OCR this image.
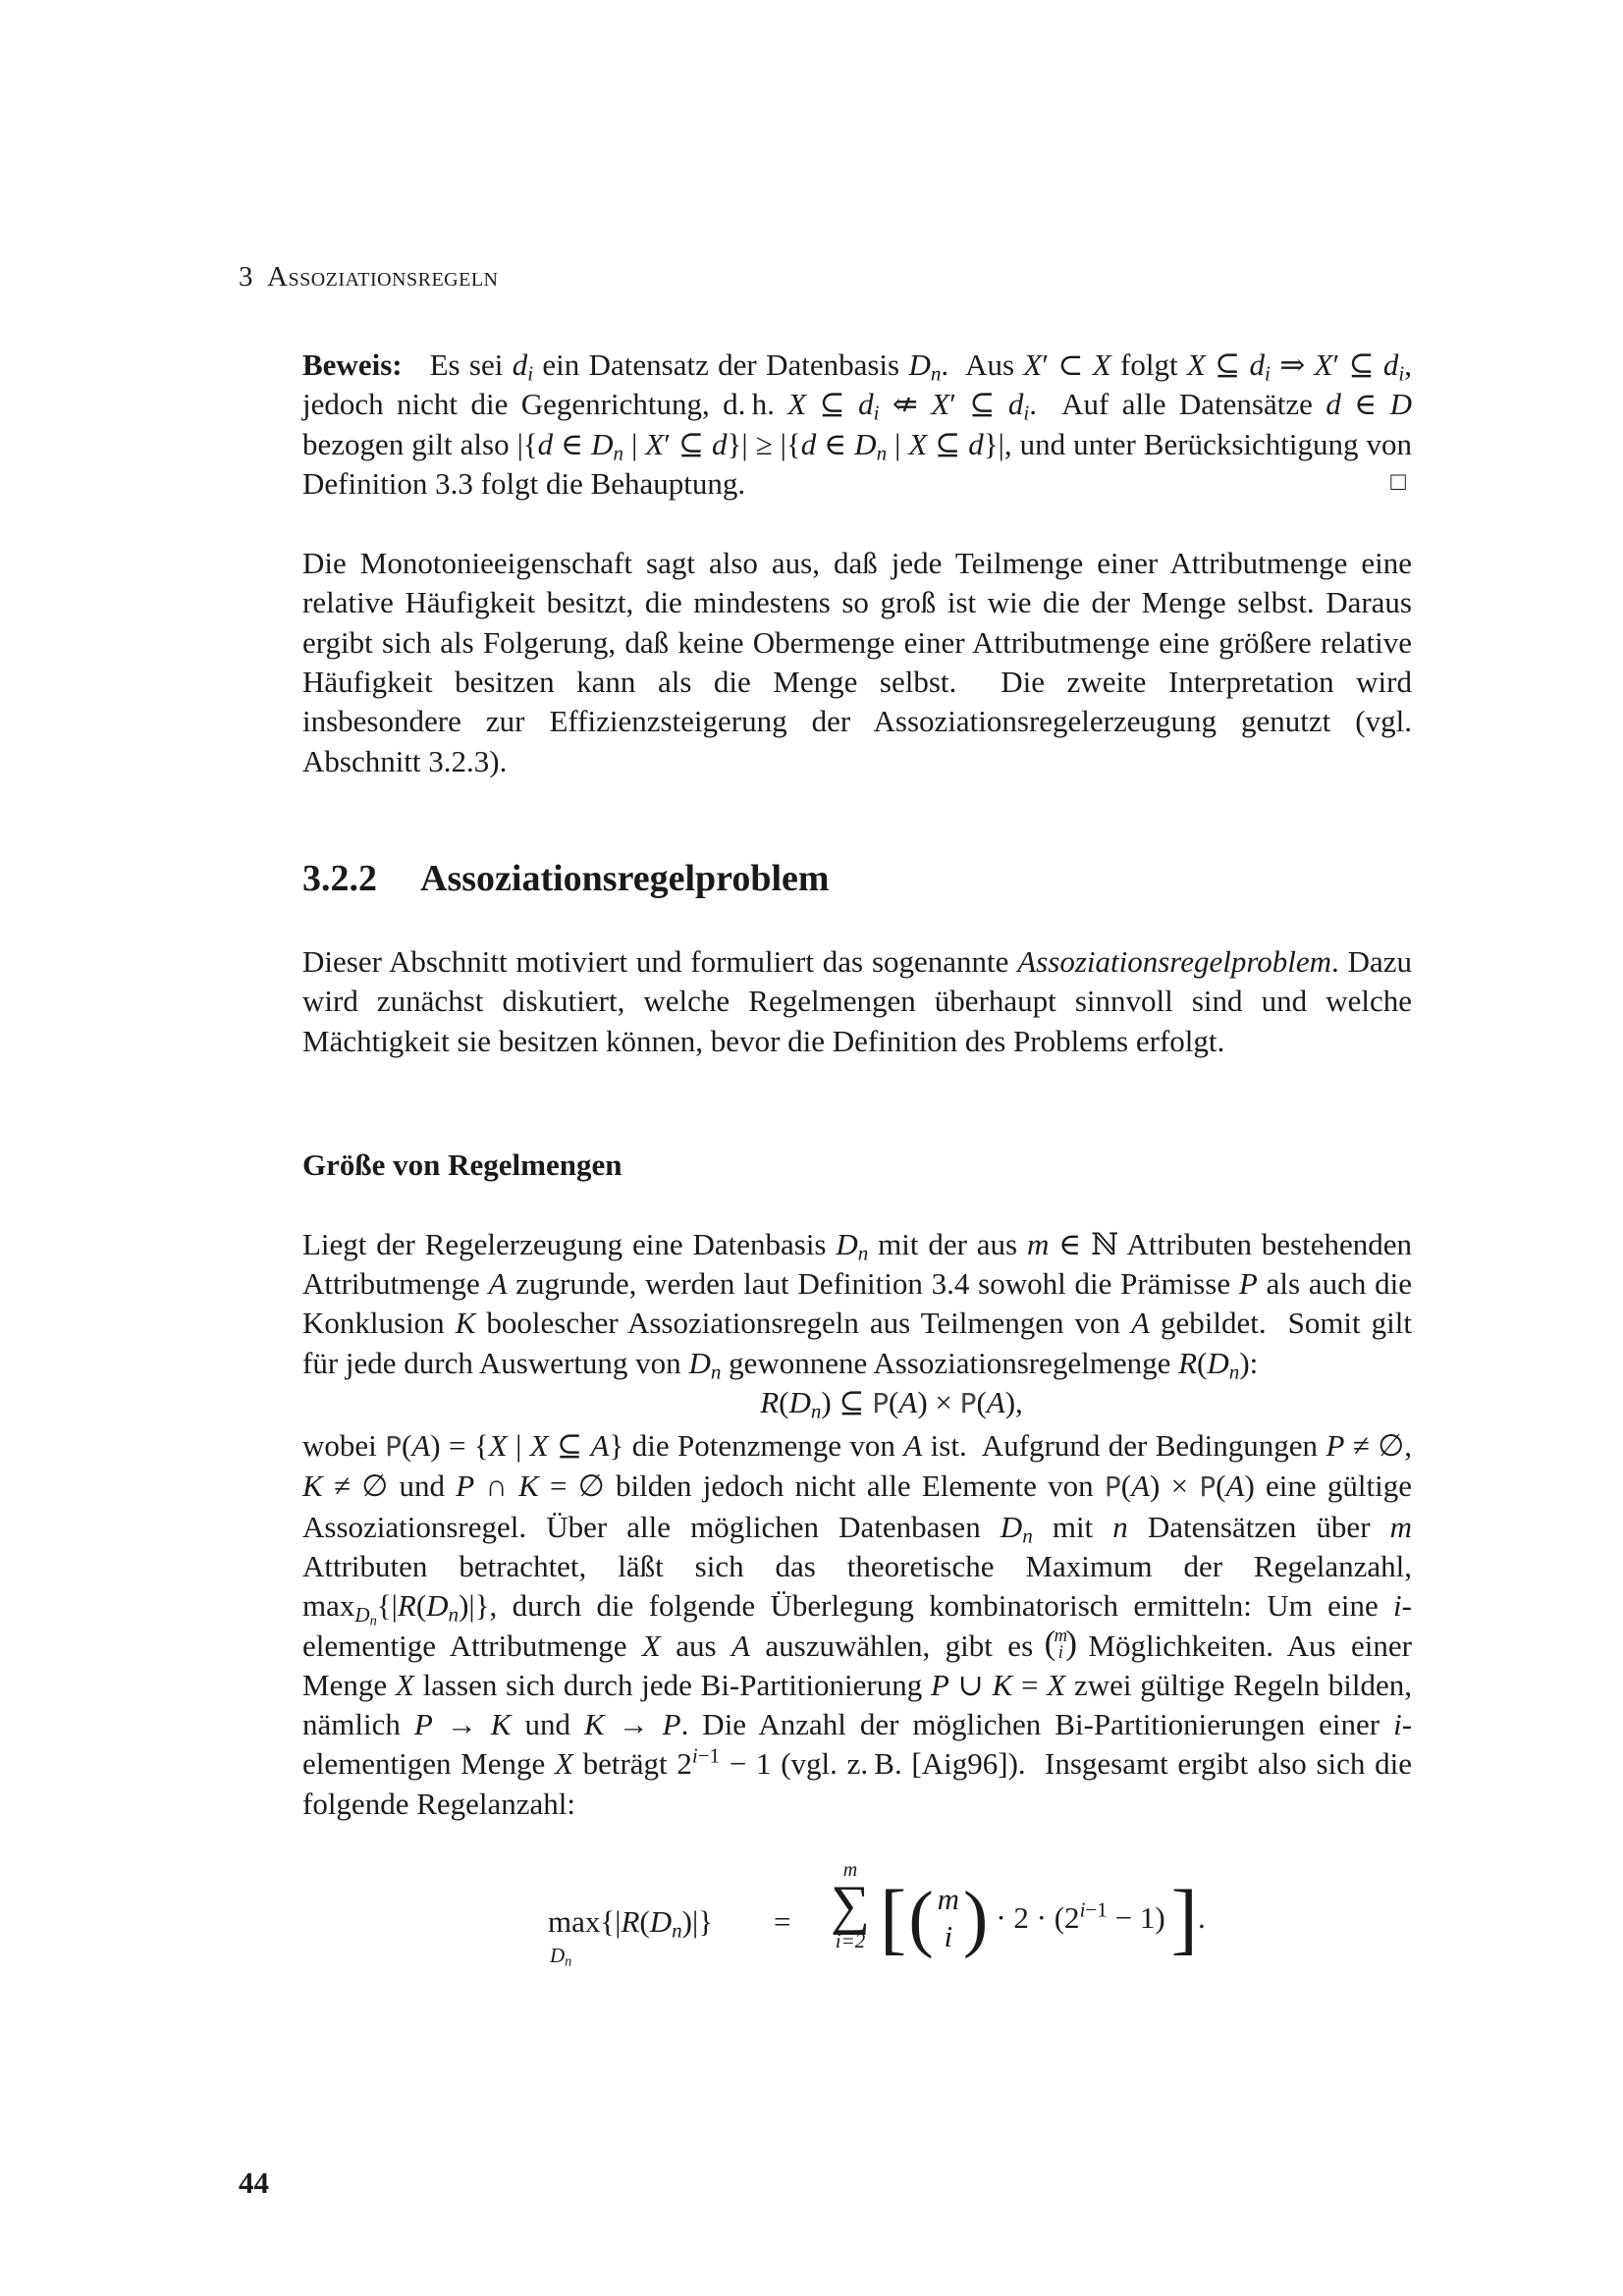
3 Assoziationsregeln

Beweis:   Es sei $d_i$ ein Datensatz der Datenbasis $D_n$.  Aus X′ ⊂ X folgt X ⊆ $d_i$ ⇒ X′ ⊆ $d_i$, jedoch nicht die Gegenrichtung, d. h. X ⊆ $d_i$ ⇍ X′ ⊆ $d_i$.  Auf alle Datensätze d ∈ D bezogen gilt also |{d ∈ $D_n$ | X′ ⊆ d}| ≥ |{d ∈ $D_n$ | X ⊆ d}|, und unter Berücksichtigung von Definition 3.3 folgt die Behauptung.	□

Die Monotonieeigenschaft sagt also aus, daß jede Teilmenge einer Attributmenge eine relative Häufigkeit besitzt, die mindestens so groß ist wie die der Menge selbst. Daraus ergibt sich als Folgerung, daß keine Obermenge einer Attributmenge eine größere relative Häufigkeit besitzen kann als die Menge selbst.  Die zweite Interpretation wird insbesondere zur Effizienzsteigerung der Assoziationsregelerzeugung genutzt (vgl. Abschnitt 3.2.3).

3.2.2 Assoziationsregelproblem

Dieser Abschnitt motiviert und formuliert das sogenannte Assoziationsregelproblem. Dazu wird zunächst diskutiert, welche Regelmengen überhaupt sinnvoll sind und welche Mächtigkeit sie besitzen können, bevor die Definition des Problems erfolgt.

Größe von Regelmengen

Liegt der Regelerzeugung eine Datenbasis $D_n$ mit der aus m ∈ ℕ Attributen bestehenden Attributmenge A zugrunde, werden laut Definition 3.4 sowohl die Prämisse P als auch die Konklusion K boolescher Assoziationsregeln aus Teilmengen von A gebildet.  Somit gilt für jede durch Auswertung von $D_n$ gewonnene Assoziationsregelmenge $R(D_n)$:

$R(D_n)$ ⊆ P(A) × P(A),

wobei P(A) = {X | X ⊆ A} die Potenzmenge von A ist.  Aufgrund der Bedingungen P ≠ ∅, K ≠ ∅ und P ∩ K = ∅ bilden jedoch nicht alle Elemente von P(A) × P(A) eine gültige Assoziationsregel. Über alle möglichen Datenbasen $D_n$ mit n Datensätzen über m Attributen betrachtet, läßt sich das theoretische Maximum der Regelanzahl, $\max_{D_n}\{|R(D_n)|\}$, durch die folgende Überlegung kombinatorisch ermitteln: Um eine i-elementige Attributmenge X aus A auszuwählen, gibt es ( m
i ) Möglichkeiten. Aus einer Menge X lassen sich durch jede Bi-Partitionierung P ∪ K = X zwei gültige Regeln bilden, nämlich P → K und K → P. Die Anzahl der möglichen Bi-Partitionierungen einer i-elementigen Menge X beträgt $2^{i-1} - 1$ (vgl. z. B. [Aig96]).  Insgesamt ergibt also sich die folgende Regelanzahl:

max
$D_n$
$\{|R(D_n)|\}$ =
m
∑
i=2 [ ( m
i ) · $2 \cdot (2^{i-1} - 1)$ ] .
44
